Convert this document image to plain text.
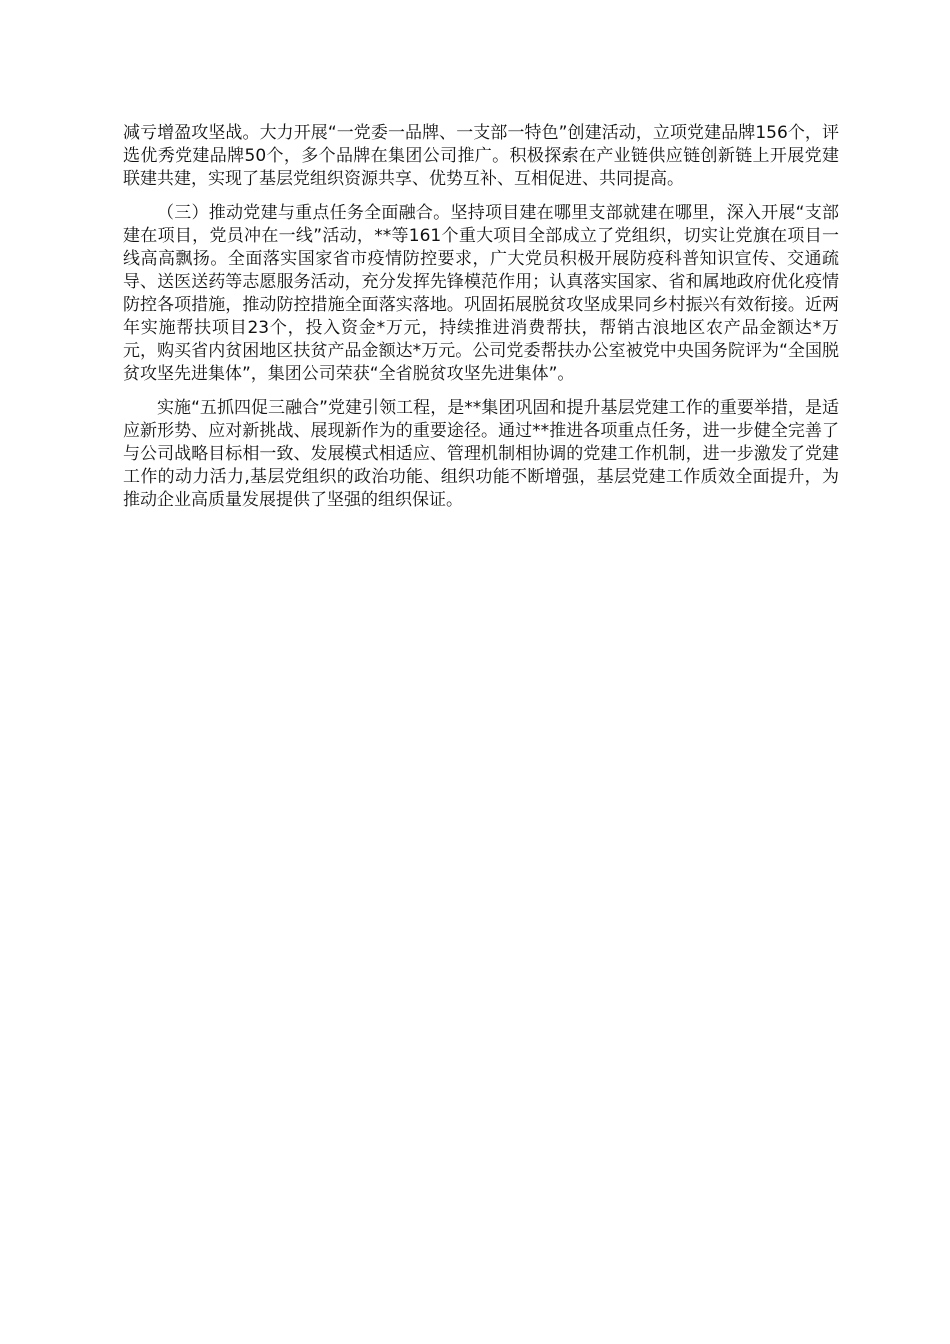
减亏增盈攻坚战。大力开展“一党委一品牌、一支部一特色”创建活动，立项党建品牌156个，评选优秀党建品牌50个，多个品牌在集团公司推广。积极探索在产业链供应链创新链上开展党建联建共建，实现了基层党组织资源共享、优势互补、互相促进、共同提高。

（三）推动党建与重点任务全面融合。坚持项目建在哪里支部就建在哪里，深入开展“支部建在项目，党员冲在一线”活动，**等161个重大项目全部成立了党组织，切实让党旗在项目一线高高飘扬。全面落实国家省市疫情防控要求，广大党员积极开展防疫科普知识宣传、交通疏导、送医送药等志愿服务活动，充分发挥先锋模范作用；认真落实国家、省和属地政府优化疫情防控各项措施，推动防控措施全面落实落地。巩固拓展脱贫攻坚成果同乡村振兴有效衔接。近两年实施帮扶项目23个，投入资金*万元，持续推进消费帮扶，帮销古浪地区农产品金额达*万元，购买省内贫困地区扶贫产品金额达*万元。公司党委帮扶办公室被党中央国务院评为“全国脱贫攻坚先进集体”，集团公司荣获“全省脱贫攻坚先进集体”。

实施“五抓四促三融合”党建引领工程，是**集团巩固和提升基层党建工作的重要举措，是适应新形势、应对新挑战、展现新作为的重要途径。通过**推进各项重点任务，进一步健全完善了与公司战略目标相一致、发展模式相适应、管理机制相协调的党建工作机制，进一步激发了党建工作的动力活力,基层党组织的政治功能、组织功能不断增强，基层党建工作质效全面提升，为推动企业高质量发展提供了坚强的组织保证。
